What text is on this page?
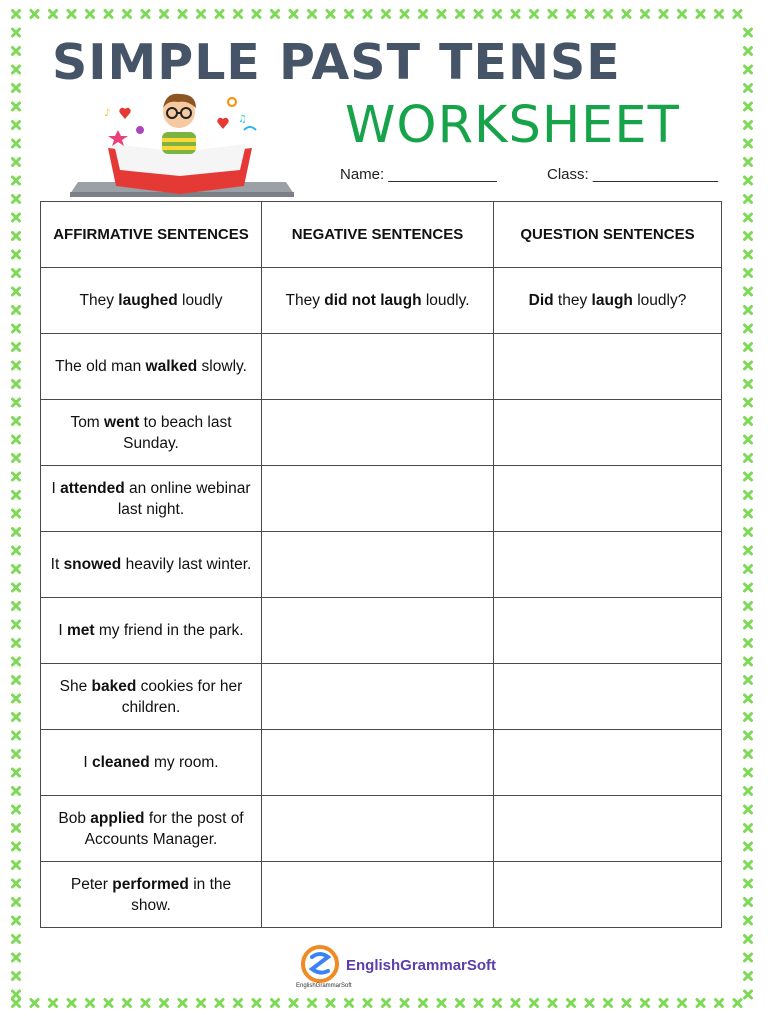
SIMPLE PAST TENSE
WORKSHEET
♪
♫
Name: _____________	Class: _______________
AFFIRMATIVE SENTENCES	NEGATIVE SENTENCES	QUESTION SENTENCES
They laughed loudly	They did not laugh loudly.	Did they laugh loudly?
The old man walked slowly.		
Tom went to beach last Sunday.		
I attended an online webinar last night.		
It snowed heavily last winter.		
I met my friend in the park.		
She baked cookies for her children.		
I cleaned my room.		
Bob applied for the post of Accounts Manager.		
Peter performed in the show.		
EnglishGrammarSoft
EnglishGrammarSoft
